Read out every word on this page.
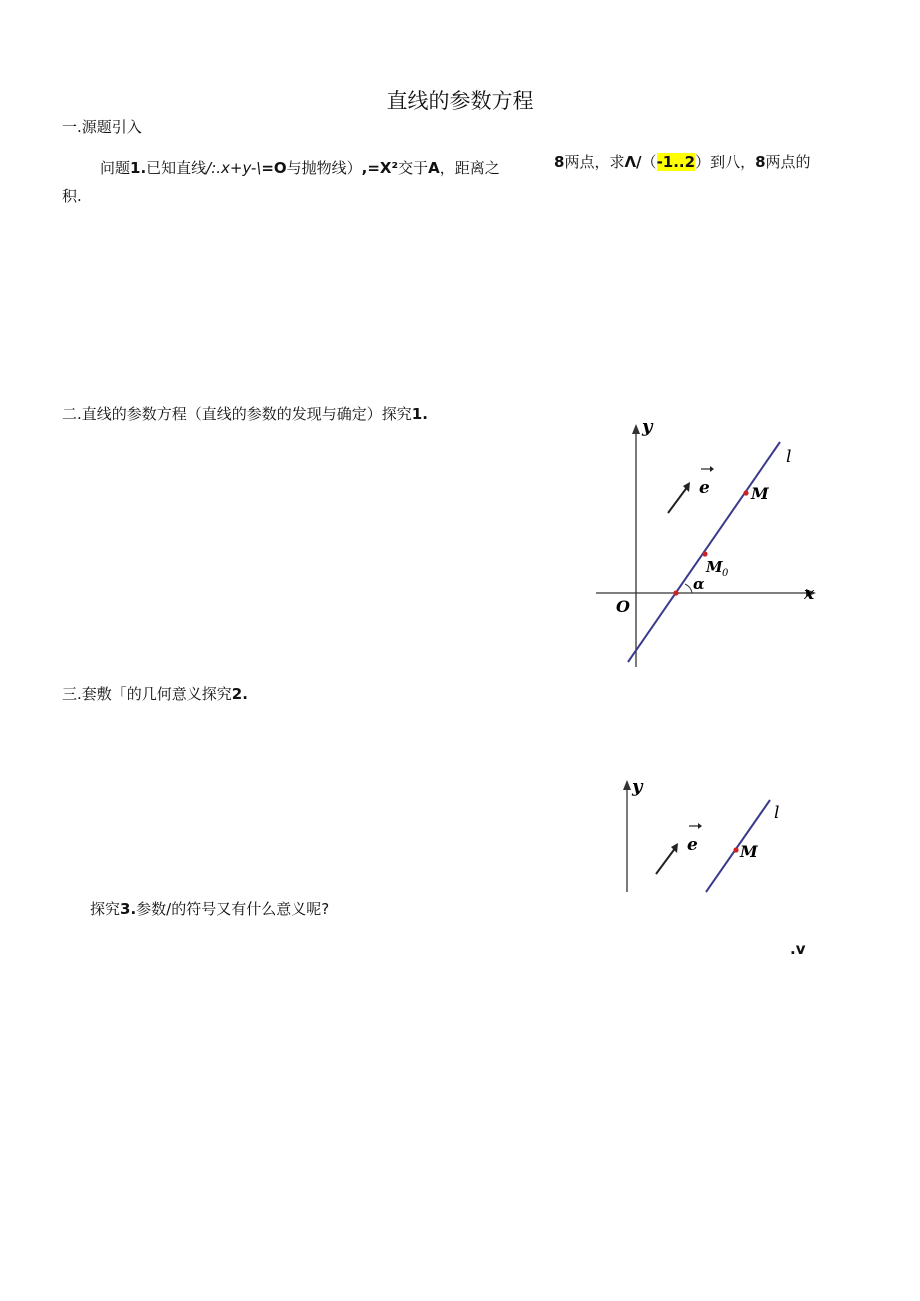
直线的参数方程
一.源题引入
问题1.已知直线/:.x+y-\=O与抛物线）,=X²交于A，距离之	8两点，求Λ/（-1..2）到八，8两点的
积.
二.直线的参数方程（直线的参数的发现与确定）探究1.
y
x
O
l
e	M
M 0
α
三.套敷「的几何意义探究2.
y
l
e	M
探究3.参数/的符号又有什么意义呢?
.v
